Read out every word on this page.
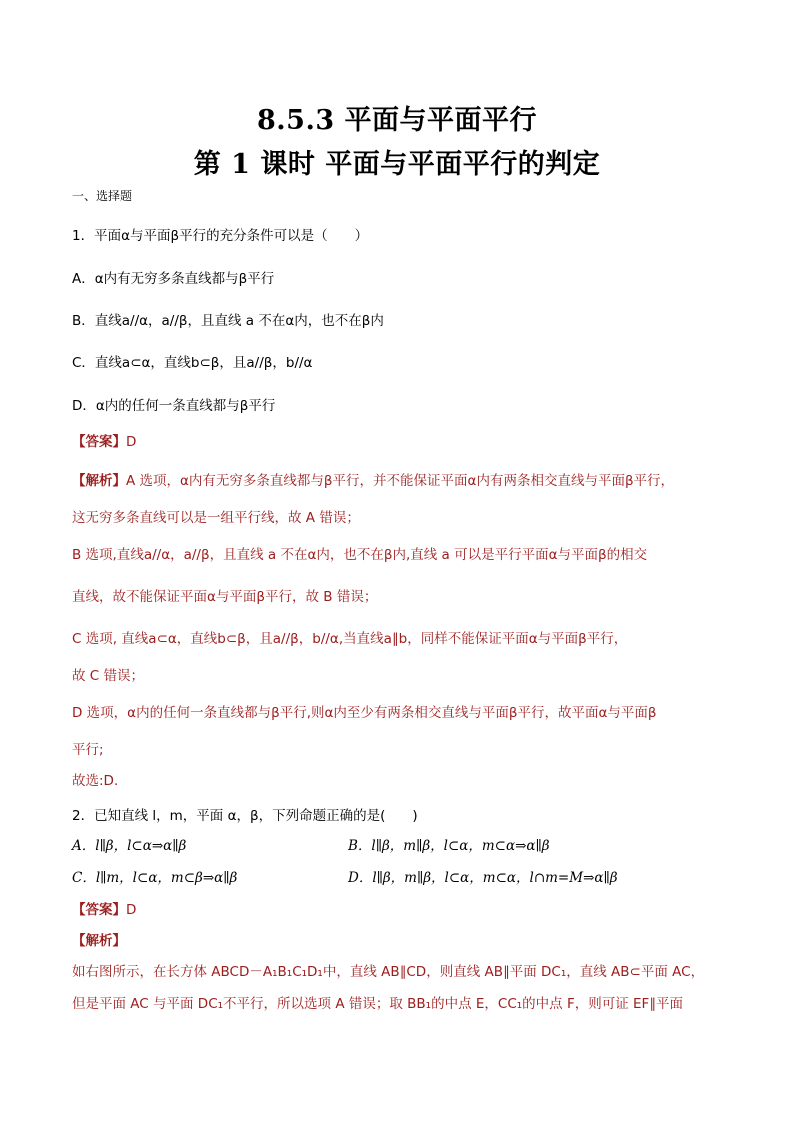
8.5.3 平面与平面平行
第 1 课时 平面与平面平行的判定
一、选择题
1．平面α与平面β平行的充分条件可以是（　　）
A．α内有无穷多条直线都与β平行
B．直线a//α，a//β，且直线 a 不在α内，也不在β内
C．直线a⊂α，直线b⊂β，且a//β，b//α
D．α内的任何一条直线都与β平行
【答案】D
【解析】A 选项，α内有无穷多条直线都与β平行，并不能保证平面α内有两条相交直线与平面β平行，
这无穷多条直线可以是一组平行线，故 A 错误；
B 选项,直线a//α，a//β，且直线 a 不在α内，也不在β内,直线 a 可以是平行平面α与平面β的相交
直线，故不能保证平面α与平面β平行，故 B 错误；
C 选项, 直线a⊂α，直线b⊂β，且a//β，b//α,当直线a∥b，同样不能保证平面α与平面β平行，
故 C 错误；
D 选项，α内的任何一条直线都与β平行,则α内至少有两条相交直线与平面β平行，故平面α与平面β
平行;
故选:D.
2．已知直线 l，m，平面 α，β，下列命题正确的是(　　)
A．l∥β，l⊂α⇒α∥β	B．l∥β，m∥β，l⊂α，m⊂α⇒α∥β
C．l∥m，l⊂α，m⊂β⇒α∥β	D．l∥β，m∥β，l⊂α，m⊂α，l∩m=M⇒α∥β
【答案】D
【解析】
如右图所示，在长方体 ABCD－A₁B₁C₁D₁中，直线 AB∥CD，则直线 AB∥平面 DC₁，直线 AB⊂平面 AC，
但是平面 AC 与平面 DC₁不平行，所以选项 A 错误；取 BB₁的中点 E，CC₁的中点 F，则可证 EF∥平面
